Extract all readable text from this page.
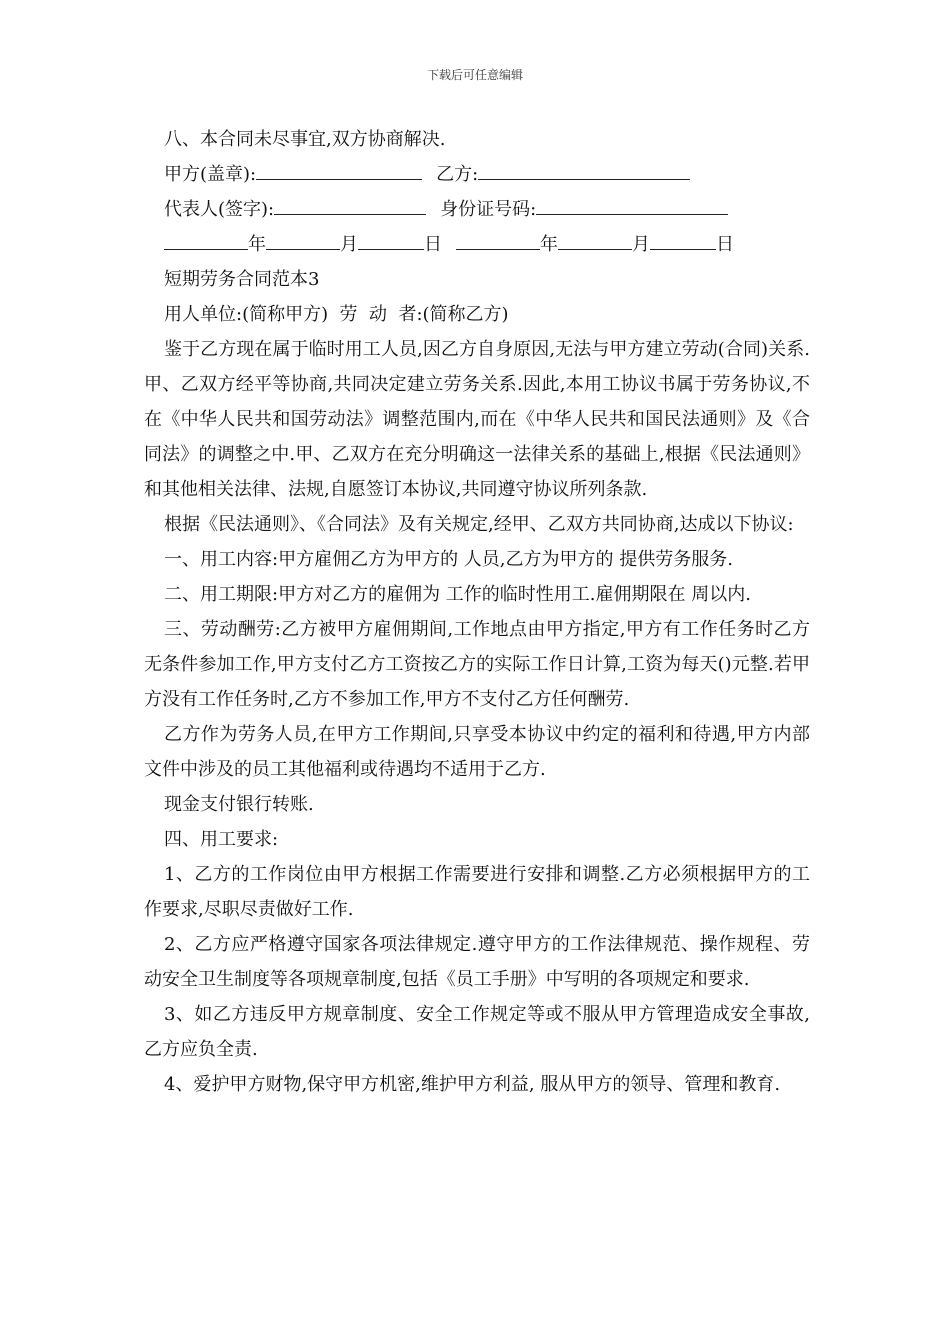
下载后可任意编辑
八、本合同未尽事宜,双方协商解决.
甲方(盖章):	乙方:
代表人(签字):	身份证号码:
年	月	日	年	月	日
短期劳务合同范本3
用人单位:(简称甲方)  劳  动  者:(简称乙方)

鉴于乙方现在属于临时用工人员,因乙方自身原因,无法与甲方建立劳动(合同)关系.甲、乙双方经平等协商,共同决定建立劳务关系.因此,本用工协议书属于劳务协议,不在《中华人民共和国劳动法》调整范围内,而在《中华人民共和国民法通则》及《合同法》的调整之中.甲、乙双方在充分明确这一法律关系的基础上,根据《民法通则》和其他相关法律、法规,自愿签订本协议,共同遵守协议所列条款.

根据《民法通则》、《合同法》及有关规定,经甲、乙双方共同协商,达成以下协议:

一、用工内容:甲方雇佣乙方为甲方的 人员,乙方为甲方的 提供劳务服务.

二、用工期限:甲方对乙方的雇佣为 工作的临时性用工.雇佣期限在 周以内.

三、劳动酬劳:乙方被甲方雇佣期间,工作地点由甲方指定,甲方有工作任务时乙方无条件参加工作,甲方支付乙方工资按乙方的实际工作日计算,工资为每天()元整.若甲方没有工作任务时,乙方不参加工作,甲方不支付乙方任何酬劳.

乙方作为劳务人员,在甲方工作期间,只享受本协议中约定的福利和待遇,甲方内部文件中涉及的员工其他福利或待遇均不适用于乙方.

现金支付银行转账.

四、用工要求:

1、乙方的工作岗位由甲方根据工作需要进行安排和调整.乙方必须根据甲方的工作要求,尽职尽责做好工作.

2、乙方应严格遵守国家各项法律规定.遵守甲方的工作法律规范、操作规程、劳动安全卫生制度等各项规章制度,包括《员工手册》中写明的各项规定和要求.

3、如乙方违反甲方规章制度、安全工作规定等或不服从甲方管理造成安全事故,乙方应负全责.

4、爱护甲方财物,保守甲方机密,维护甲方利益, 服从甲方的领导、管理和教育.
